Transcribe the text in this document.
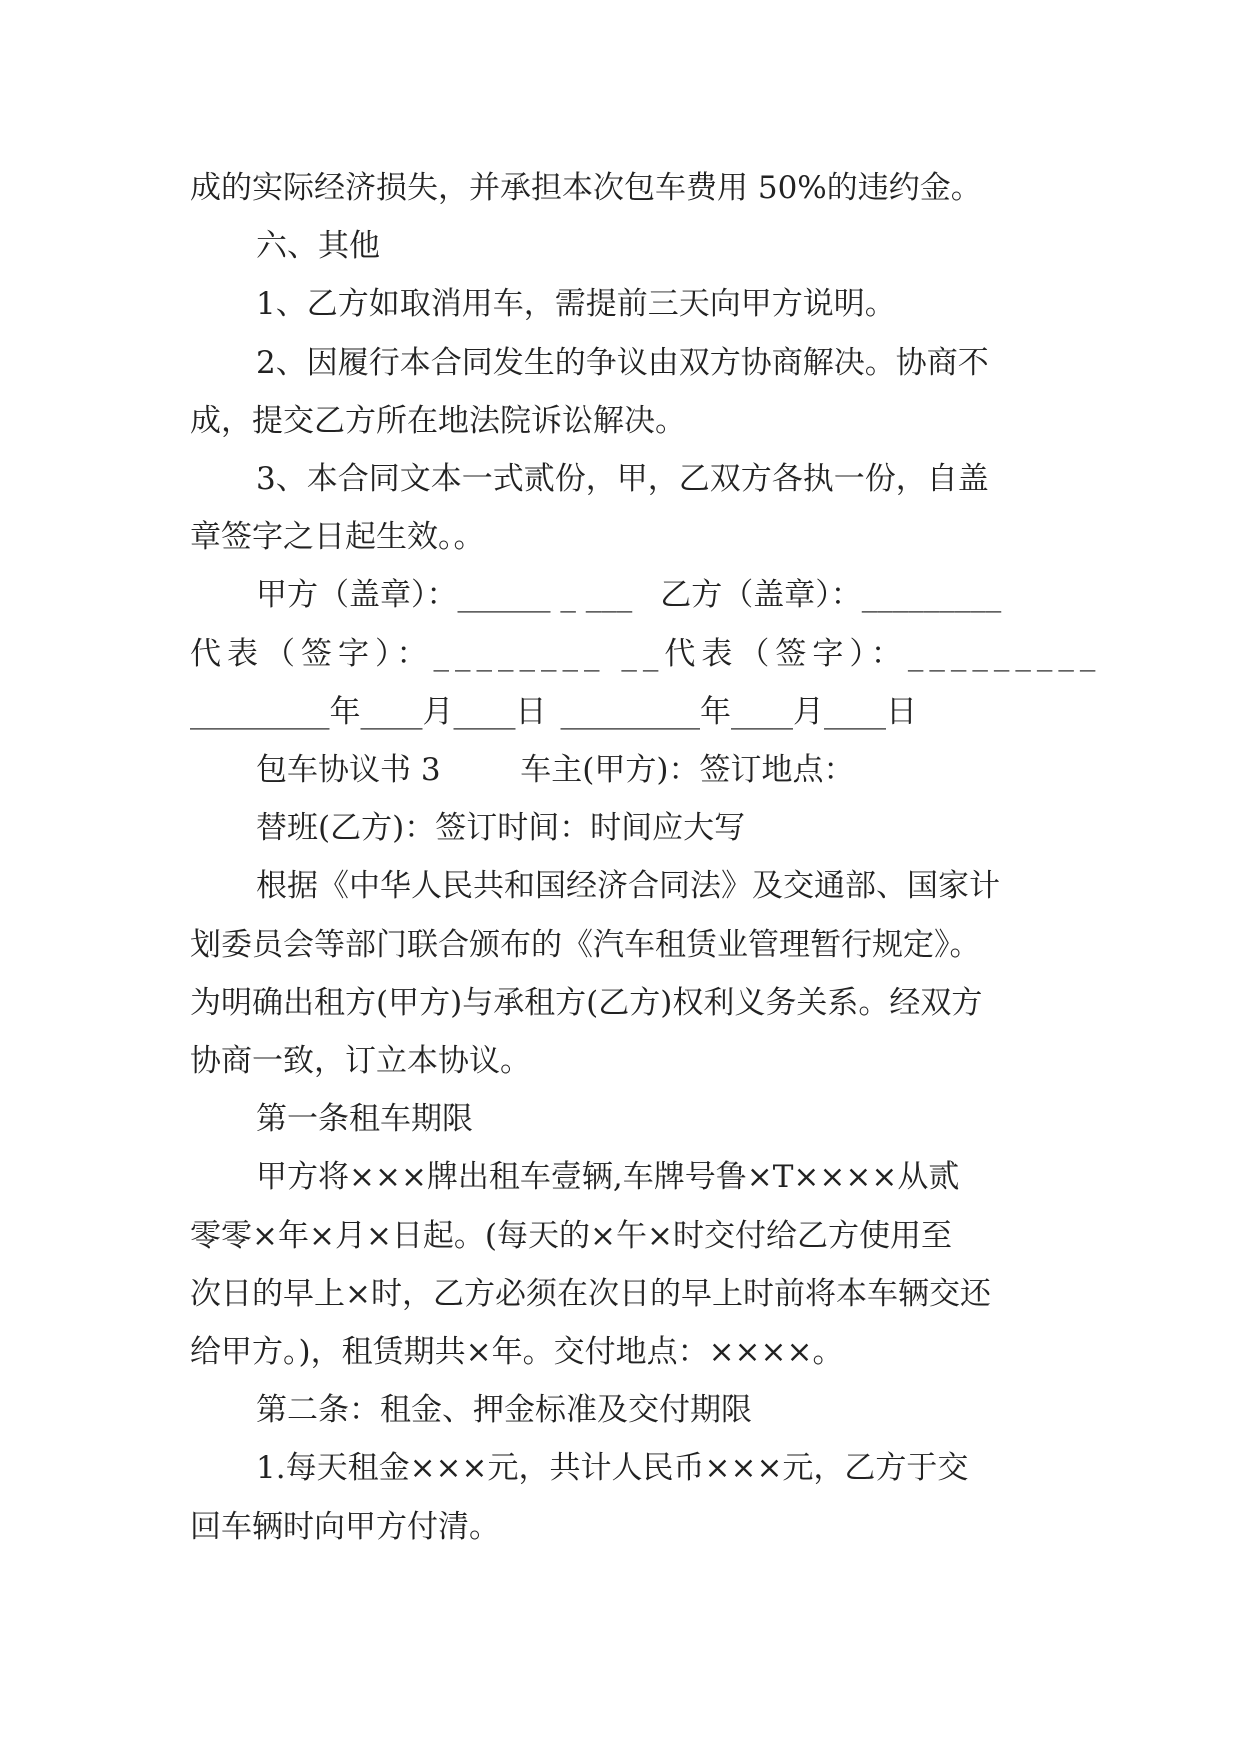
成的实际经济损失，并承担本次包车费用 50%的违约金。

六、其他

1、乙方如取消用车，需提前三天向甲方说明。

2、因履行本合同发生的争议由双方协商解决。协商不

成，提交乙方所在地法院诉讼解决。

3、本合同文本一式贰份，甲，乙双方各执一份，自盖

章签字之日起生效。。

甲方（盖章）：______ _ ___ 乙方（盖章）：_________

代表（签字）：________ __ 代表（签字）：_________

_________年____月____日 _________年____月____日

包车协议书 3	车主(甲方)：签订地点：

替班(乙方)：签订时间：时间应大写

根据《中华人民共和国经济合同法》及交通部、国家计

划委员会等部门联合颁布的《汽车租赁业管理暂行规定》。

为明确出租方(甲方)与承租方(乙方)权利义务关系。经双方

协商一致，订立本协议。

第一条租车期限

甲方将×××牌出租车壹辆,车牌号鲁×T××××从贰

零零×年×月×日起。(每天的×午×时交付给乙方使用至

次日的早上×时，乙方必须在次日的早上时前将本车辆交还

给甲方。)，租赁期共×年。交付地点：××××。

第二条：租金、押金标准及交付期限

1.每天租金×××元，共计人民币×××元，乙方于交

回车辆时向甲方付清。
